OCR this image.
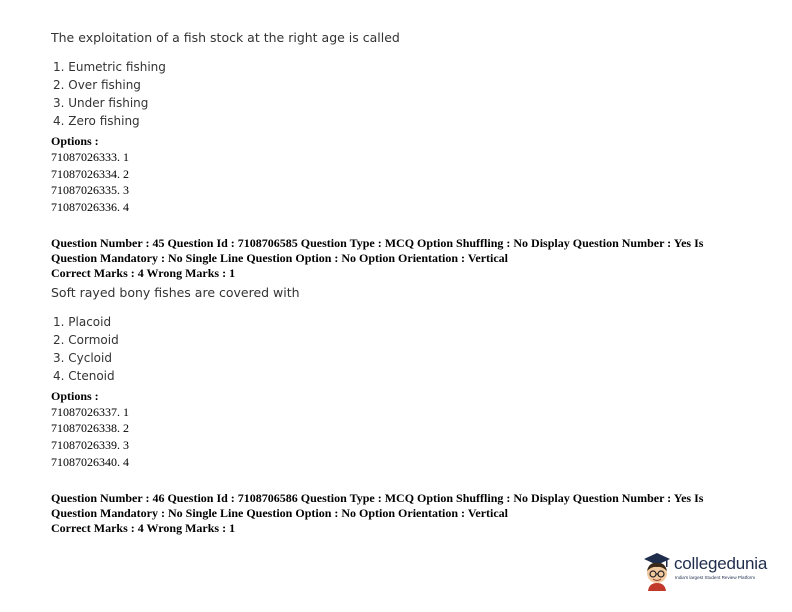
The exploitation of a fish stock at the right age is called
1. Eumetric fishing
2. Over fishing
3. Under fishing
4. Zero fishing
Options :
71087026333. 1
71087026334. 2
71087026335. 3
71087026336. 4
Question Number : 45 Question Id : 7108706585 Question Type : MCQ Option Shuffling : No Display Question Number : Yes Is Question Mandatory : No Single Line Question Option : No Option Orientation : Vertical
Correct Marks : 4 Wrong Marks : 1
Soft rayed bony fishes are covered with
1. Placoid
2. Cormoid
3. Cycloid
4. Ctenoid
Options :
71087026337. 1
71087026338. 2
71087026339. 3
71087026340. 4
Question Number : 46 Question Id : 7108706586 Question Type : MCQ Option Shuffling : No Display Question Number : Yes Is Question Mandatory : No Single Line Question Option : No Option Orientation : Vertical
Correct Marks : 4 Wrong Marks : 1
collegedunia
India's largest Student Review Platform
